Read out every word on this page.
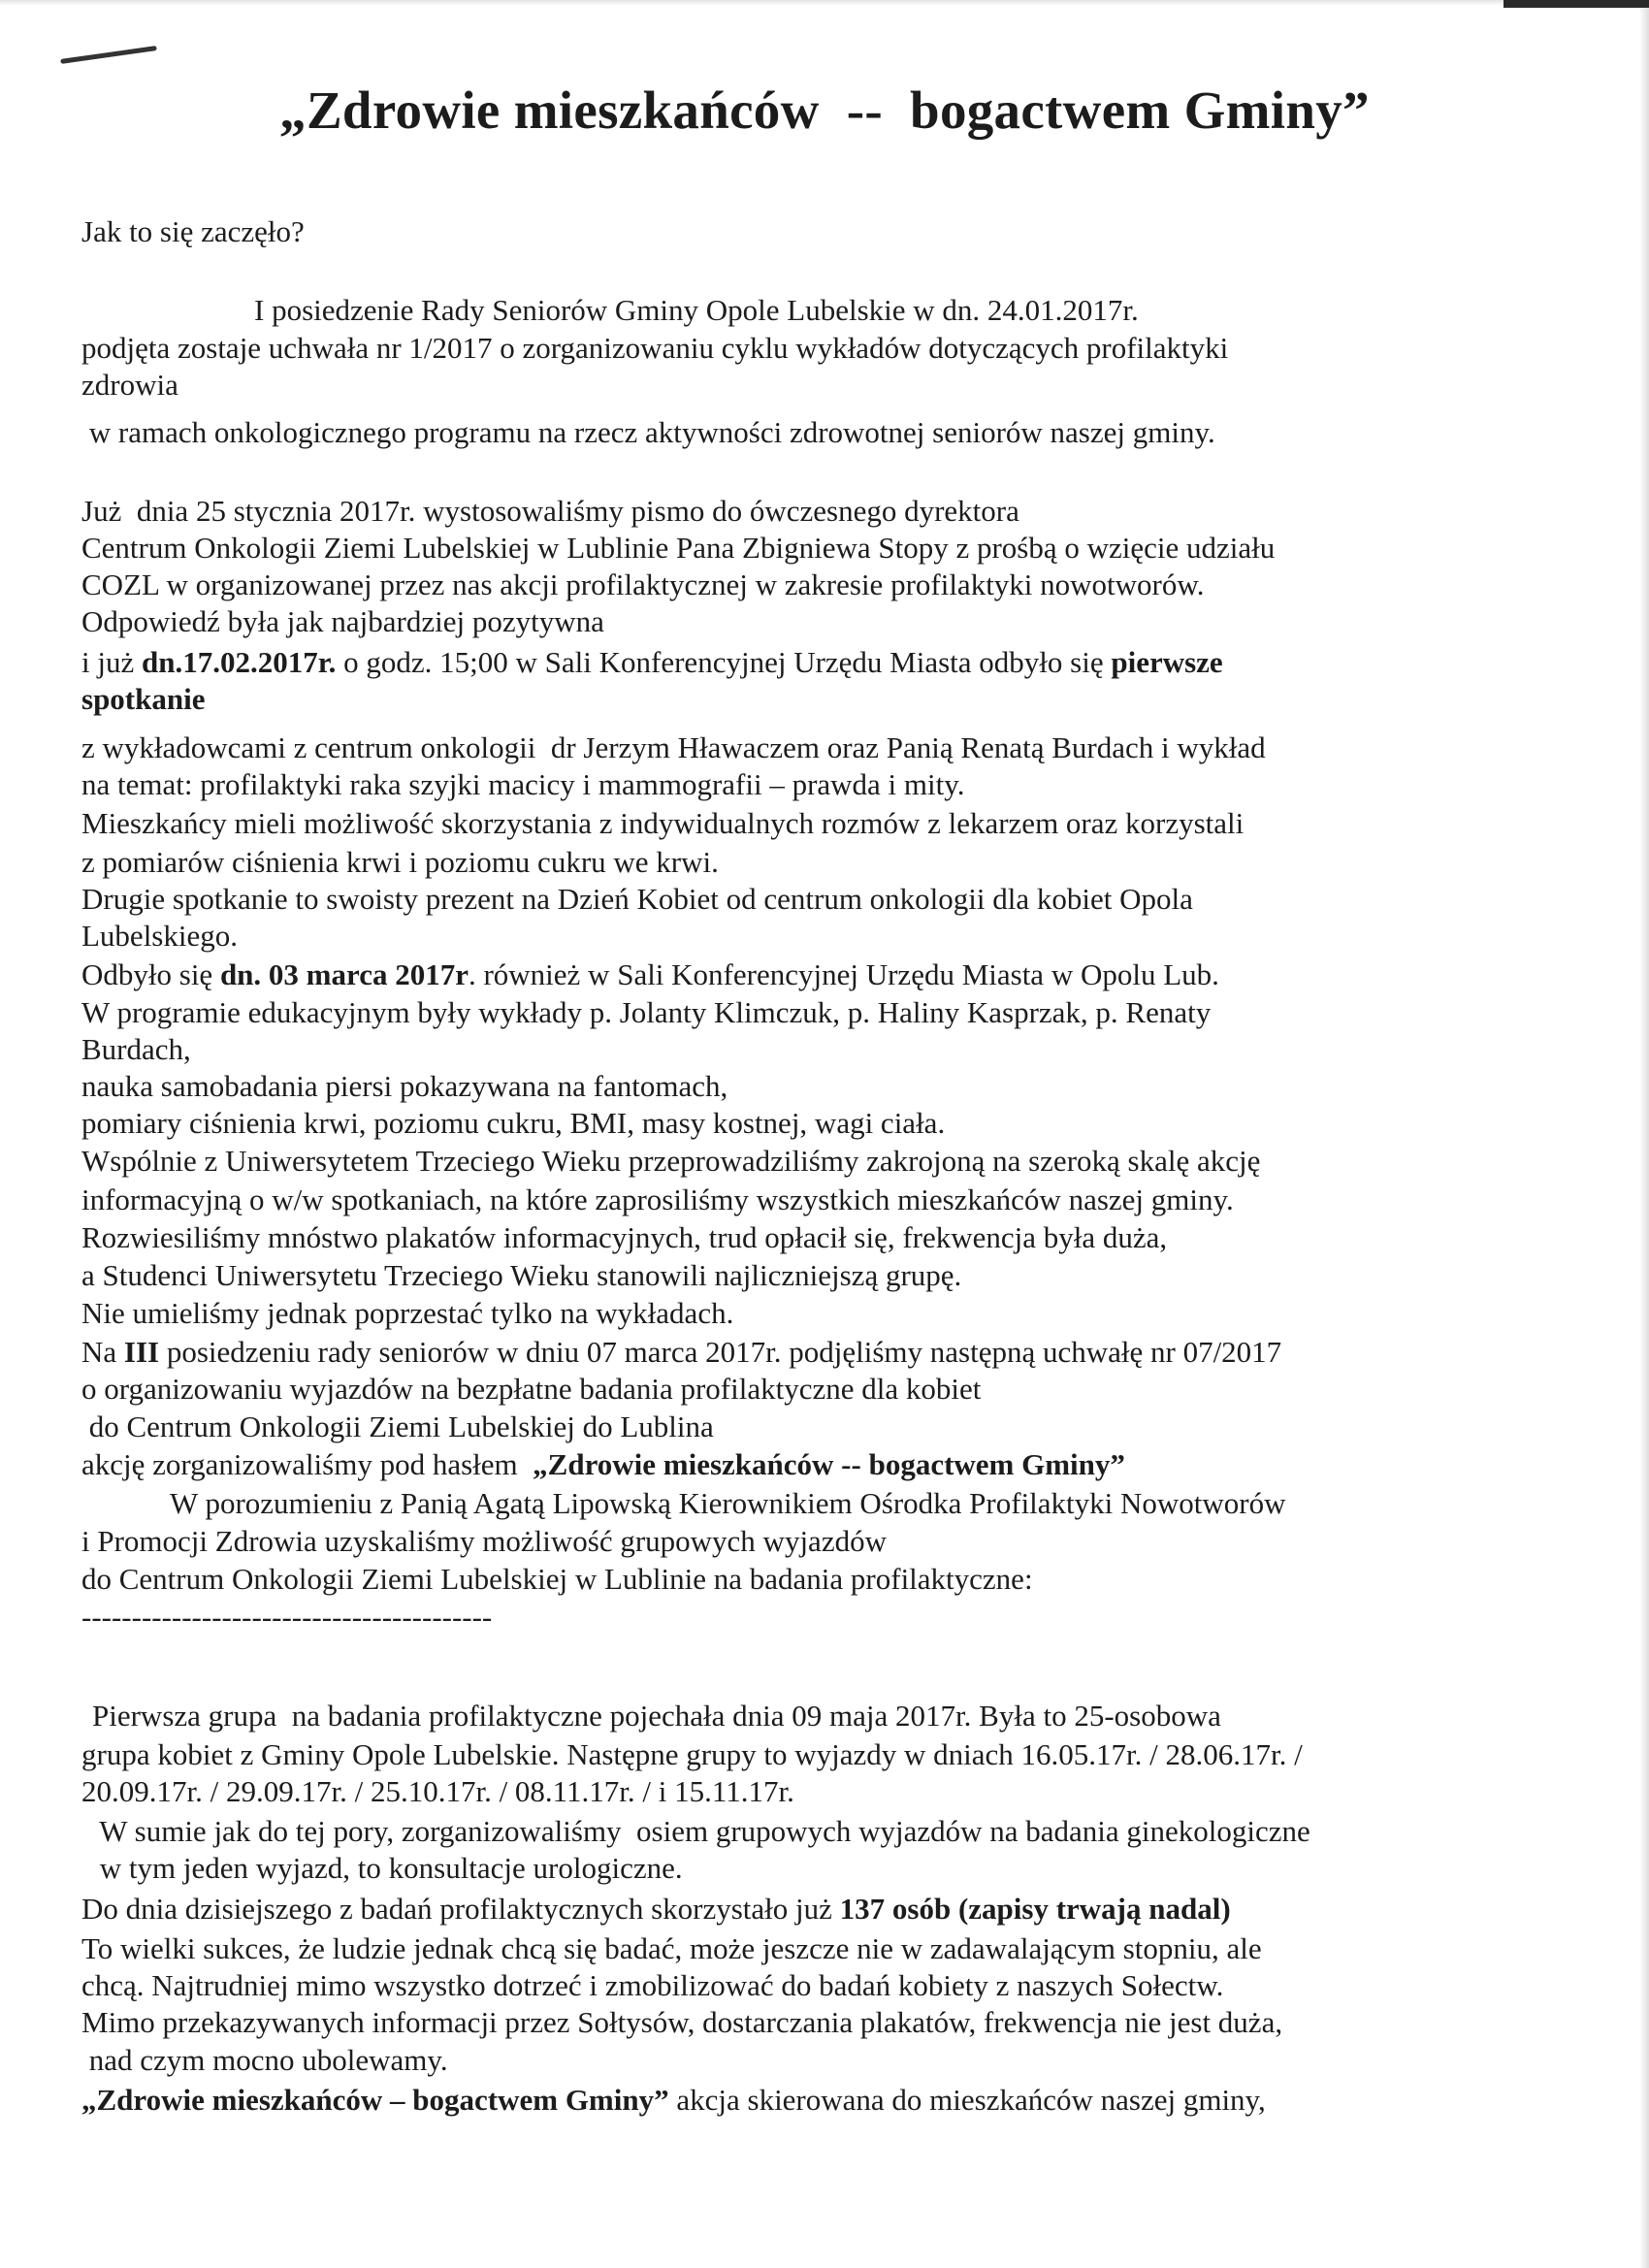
„Zdrowie mieszkańców  --  bogactwem Gminy”
Jak to się zaczęło?
I posiedzenie Rady Seniorów Gminy Opole Lubelskie w dn. 24.01.2017r.
podjęta zostaje uchwała nr 1/2017 o zorganizowaniu cyklu wykładów dotyczących profilaktyki
zdrowia
w ramach onkologicznego programu na rzecz aktywności zdrowotnej seniorów naszej gminy.
Już  dnia 25 stycznia 2017r. wystosowaliśmy pismo do ówczesnego dyrektora
Centrum Onkologii Ziemi Lubelskiej w Lublinie Pana Zbigniewa Stopy z prośbą o wzięcie udziału
COZL w organizowanej przez nas akcji profilaktycznej w zakresie profilaktyki nowotworów.
Odpowiedź była jak najbardziej pozytywna
i już dn.17.02.2017r. o godz. 15;00 w Sali Konferencyjnej Urzędu Miasta odbyło się pierwsze
spotkanie
z wykładowcami z centrum onkologii  dr Jerzym Hławaczem oraz Panią Renatą Burdach i wykład
na temat: profilaktyki raka szyjki macicy i mammografii – prawda i mity.
Mieszkańcy mieli możliwość skorzystania z indywidualnych rozmów z lekarzem oraz korzystali
z pomiarów ciśnienia krwi i poziomu cukru we krwi.
Drugie spotkanie to swoisty prezent na Dzień Kobiet od centrum onkologii dla kobiet Opola
Lubelskiego.
Odbyło się dn. 03 marca 2017r. również w Sali Konferencyjnej Urzędu Miasta w Opolu Lub.
W programie edukacyjnym były wykłady p. Jolanty Klimczuk, p. Haliny Kasprzak, p. Renaty
Burdach,
nauka samobadania piersi pokazywana na fantomach,
pomiary ciśnienia krwi, poziomu cukru, BMI, masy kostnej, wagi ciała.
Wspólnie z Uniwersytetem Trzeciego Wieku przeprowadziliśmy zakrojoną na szeroką skalę akcję
informacyjną o w/w spotkaniach, na które zaprosiliśmy wszystkich mieszkańców naszej gminy.
Rozwiesiliśmy mnóstwo plakatów informacyjnych, trud opłacił się, frekwencja była duża,
a Studenci Uniwersytetu Trzeciego Wieku stanowili najliczniejszą grupę.
Nie umieliśmy jednak poprzestać tylko na wykładach.
Na III posiedzeniu rady seniorów w dniu 07 marca 2017r. podjęliśmy następną uchwałę nr 07/2017
o organizowaniu wyjazdów na bezpłatne badania profilaktyczne dla kobiet
do Centrum Onkologii Ziemi Lubelskiej do Lublina
akcję zorganizowaliśmy pod hasłem  „Zdrowie mieszkańców -- bogactwem Gminy”
W porozumieniu z Panią Agatą Lipowską Kierownikiem Ośrodka Profilaktyki Nowotworów
i Promocji Zdrowia uzyskaliśmy możliwość grupowych wyjazdów
do Centrum Onkologii Ziemi Lubelskiej w Lublinie na badania profilaktyczne:
-----------------------------------------
Pierwsza grupa  na badania profilaktyczne pojechała dnia 09 maja 2017r. Była to 25-osobowa
grupa kobiet z Gminy Opole Lubelskie. Następne grupy to wyjazdy w dniach 16.05.17r. / 28.06.17r. /
20.09.17r. / 29.09.17r. / 25.10.17r. / 08.11.17r. / i 15.11.17r.
W sumie jak do tej pory, zorganizowaliśmy  osiem grupowych wyjazdów na badania ginekologiczne
w tym jeden wyjazd, to konsultacje urologiczne.
Do dnia dzisiejszego z badań profilaktycznych skorzystało już 137 osób (zapisy trwają nadal)
To wielki sukces, że ludzie jednak chcą się badać, może jeszcze nie w zadawalającym stopniu, ale
chcą. Najtrudniej mimo wszystko dotrzeć i zmobilizować do badań kobiety z naszych Sołectw.
Mimo przekazywanych informacji przez Sołtysów, dostarczania plakatów, frekwencja nie jest duża,
nad czym mocno ubolewamy.
„Zdrowie mieszkańców – bogactwem Gminy” akcja skierowana do mieszkańców naszej gminy,
